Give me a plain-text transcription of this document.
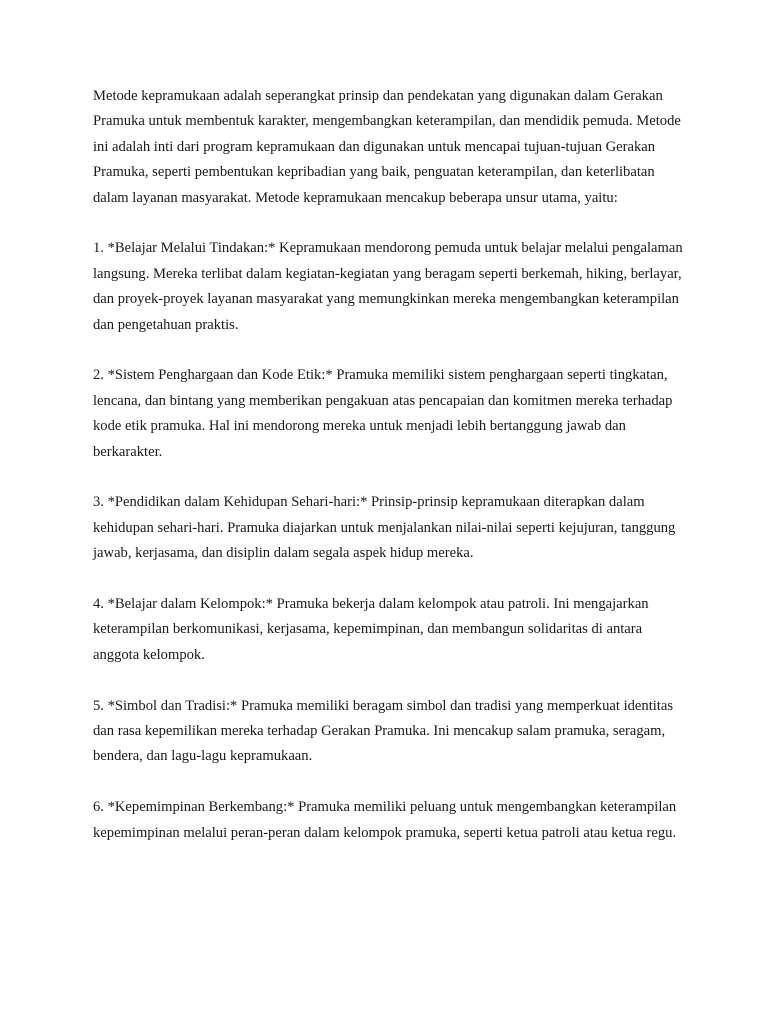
Metode kepramukaan adalah seperangkat prinsip dan pendekatan yang digunakan dalam Gerakan Pramuka untuk membentuk karakter, mengembangkan keterampilan, dan mendidik pemuda. Metode ini adalah inti dari program kepramukaan dan digunakan untuk mencapai tujuan-tujuan Gerakan Pramuka, seperti pembentukan kepribadian yang baik, penguatan keterampilan, dan keterlibatan dalam layanan masyarakat. Metode kepramukaan mencakup beberapa unsur utama, yaitu:

1. *Belajar Melalui Tindakan:* Kepramukaan mendorong pemuda untuk belajar melalui pengalaman langsung. Mereka terlibat dalam kegiatan-kegiatan yang beragam seperti berkemah, hiking, berlayar, dan proyek-proyek layanan masyarakat yang memungkinkan mereka mengembangkan keterampilan dan pengetahuan praktis.

2. *Sistem Penghargaan dan Kode Etik:* Pramuka memiliki sistem penghargaan seperti tingkatan, lencana, dan bintang yang memberikan pengakuan atas pencapaian dan komitmen mereka terhadap kode etik pramuka. Hal ini mendorong mereka untuk menjadi lebih bertanggung jawab dan berkarakter.

3. *Pendidikan dalam Kehidupan Sehari-hari:* Prinsip-prinsip kepramukaan diterapkan dalam kehidupan sehari-hari. Pramuka diajarkan untuk menjalankan nilai-nilai seperti kejujuran, tanggung jawab, kerjasama, dan disiplin dalam segala aspek hidup mereka.

4. *Belajar dalam Kelompok:* Pramuka bekerja dalam kelompok atau patroli. Ini mengajarkan keterampilan berkomunikasi, kerjasama, kepemimpinan, dan membangun solidaritas di antara anggota kelompok.

5. *Simbol dan Tradisi:* Pramuka memiliki beragam simbol dan tradisi yang memperkuat identitas dan rasa kepemilikan mereka terhadap Gerakan Pramuka. Ini mencakup salam pramuka, seragam, bendera, dan lagu-lagu kepramukaan.

6. *Kepemimpinan Berkembang:* Pramuka memiliki peluang untuk mengembangkan keterampilan kepemimpinan melalui peran-peran dalam kelompok pramuka, seperti ketua patroli atau ketua regu.
